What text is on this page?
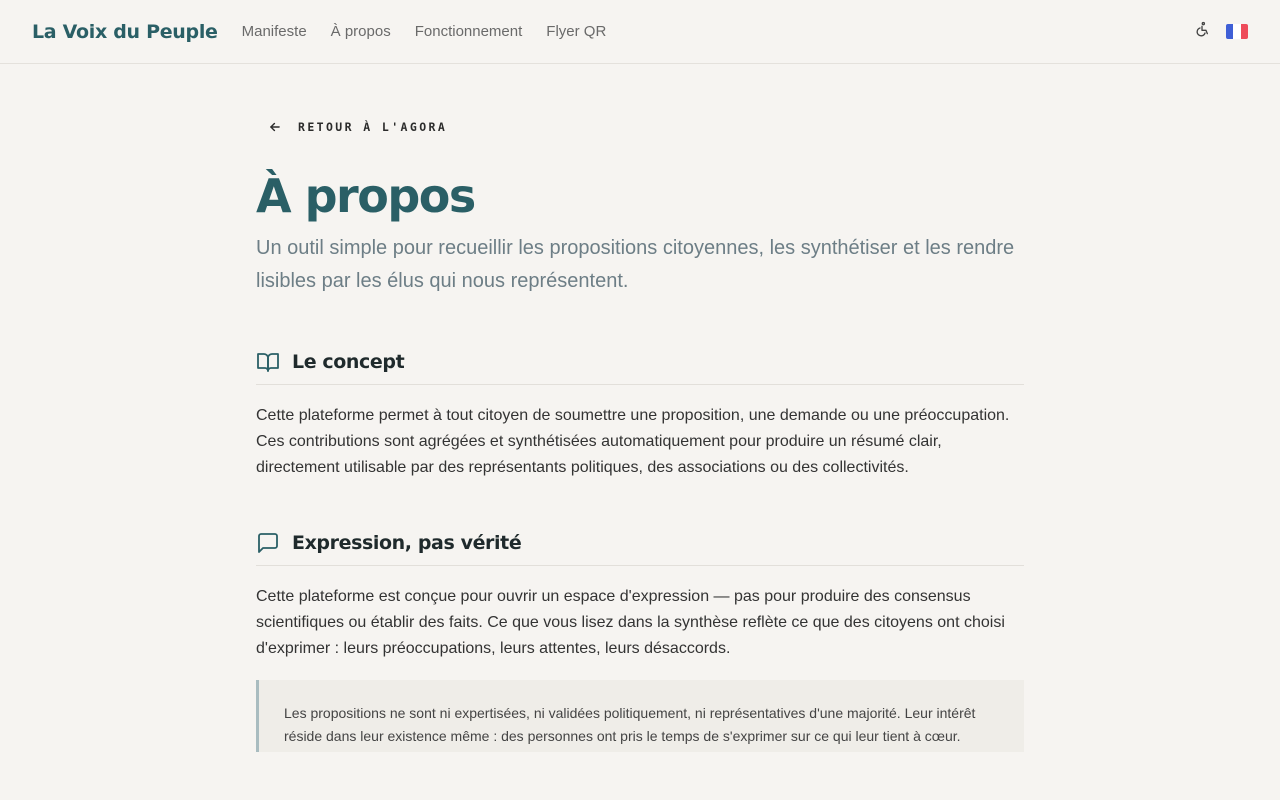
La Voix du Peuple Manifeste À propos Fonctionnement Flyer QR
RETOUR À L'AGORA
À propos

Un outil simple pour recueillir les propositions citoyennes, les synthétiser et les rendre lisibles par les élus qui nous représentent.

Le concept

Cette plateforme permet à tout citoyen de soumettre une proposition, une demande ou une préoccupation. Ces contributions sont agrégées et synthétisées automatiquement pour produire un résumé clair, directement utilisable par des représentants politiques, des associations ou des collectivités.

Expression, pas vérité

Cette plateforme est conçue pour ouvrir un espace d'expression — pas pour produire des consensus scientifiques ou établir des faits. Ce que vous lisez dans la synthèse reflète ce que des citoyens ont choisi d'exprimer : leurs préoccupations, leurs attentes, leurs désaccords.

Les propositions ne sont ni expertisées, ni validées politiquement, ni représentatives d'une majorité. Leur intérêt réside dans leur existence même : des personnes ont pris le temps de s'exprimer sur ce qui leur tient à cœur.
